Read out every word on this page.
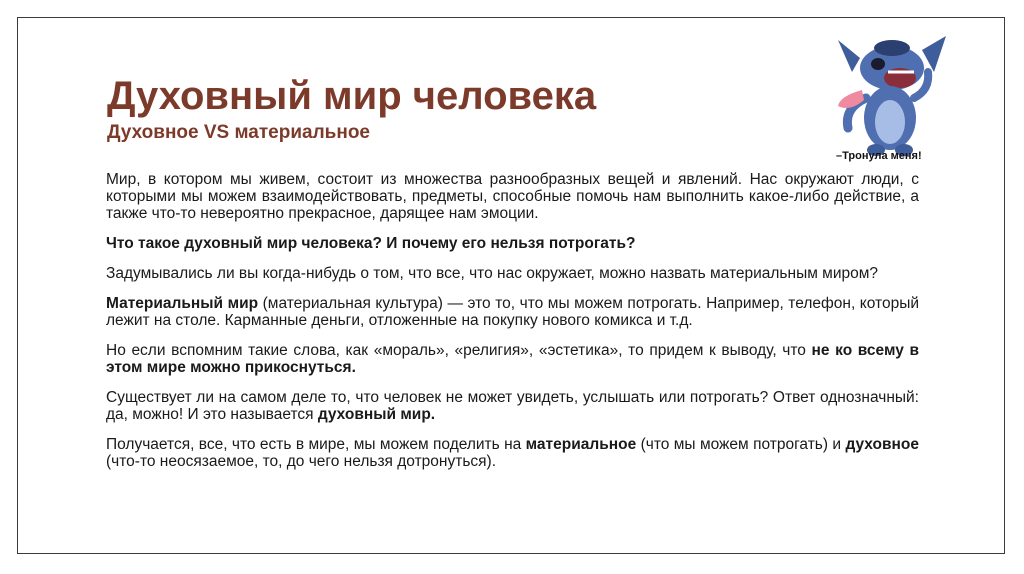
Духовный мир человека
Духовное VS материальное
–Тронула меня!

Мир, в котором мы живем, состоит из множества разнообразных вещей и явлений. Нас окружают люди, с которыми мы можем взаимодействовать, предметы, способные помочь нам выполнить какое-либо действие, а также что-то невероятно прекрасное, дарящее нам эмоции.

Что такое духовный мир человека? И почему его нельзя потрогать?

Задумывались ли вы когда-нибудь о том, что все, что нас окружает, можно назвать материальным миром?

Материальный мир (материальная культура) — это то, что мы можем потрогать. Например, телефон, который лежит на столе. Карманные деньги, отложенные на покупку нового комикса и т.д.

Но если вспомним такие слова, как «мораль», «религия», «эстетика», то придем к выводу, что не ко всему в этом мире можно прикоснуться.

Существует ли на самом деле то, что человек не может увидеть, услышать или потрогать? Ответ однозначный: да, можно! И это называется духовный мир.

Получается, все, что есть в мире, мы можем поделить на материальное (что мы можем потрогать) и духовное (что-то неосязаемое, то, до чего нельзя дотронуться).
